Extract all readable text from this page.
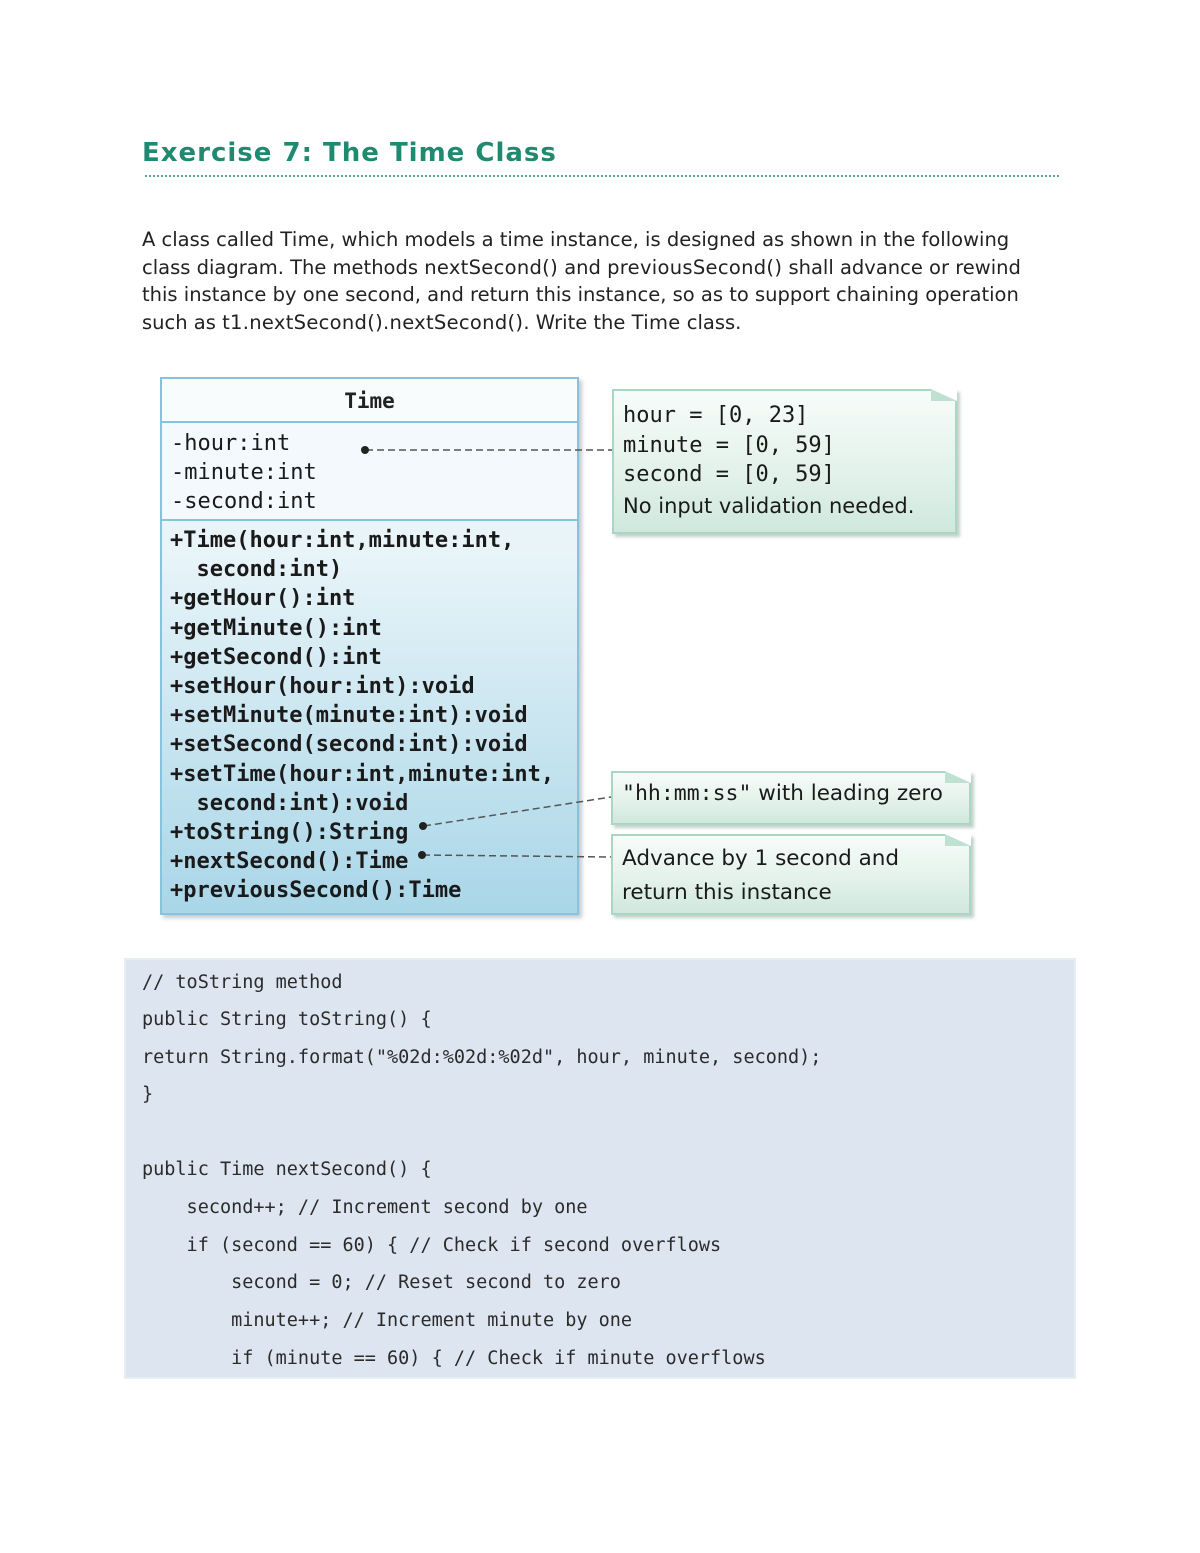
Exercise 7: The Time Class

A class called Time, which models a time instance, is designed as shown in the following class diagram. The methods nextSecond() and previousSecond() shall advance or rewind this instance by one second, and return this instance, so as to support chaining operation such as t1.nextSecond().nextSecond(). Write the Time class.

Time
-hour:int
-minute:int
-second:int
+Time(hour:int,minute:int,
second:int)
+getHour():int
+getMinute():int
+getSecond():int
+setHour(hour:int):void
+setMinute(minute:int):void
+setSecond(second:int):void
+setTime(hour:int,minute:int,
second:int):void
+toString():String
+nextSecond():Time
+previousSecond():Time
hour = [0, 23]
minute = [0, 59]
second = [0, 59]
No input validation needed.
"hh:mm:ss" with leading zero
Advance by 1 second and
return this instance
// toString method
public String toString() {
return String.format("%02d:%02d:%02d", hour, minute, second);
}
public Time nextSecond() {
second++; // Increment second by one
if (second == 60) { // Check if second overflows
second = 0; // Reset second to zero
minute++; // Increment minute by one
if (minute == 60) { // Check if minute overflows
